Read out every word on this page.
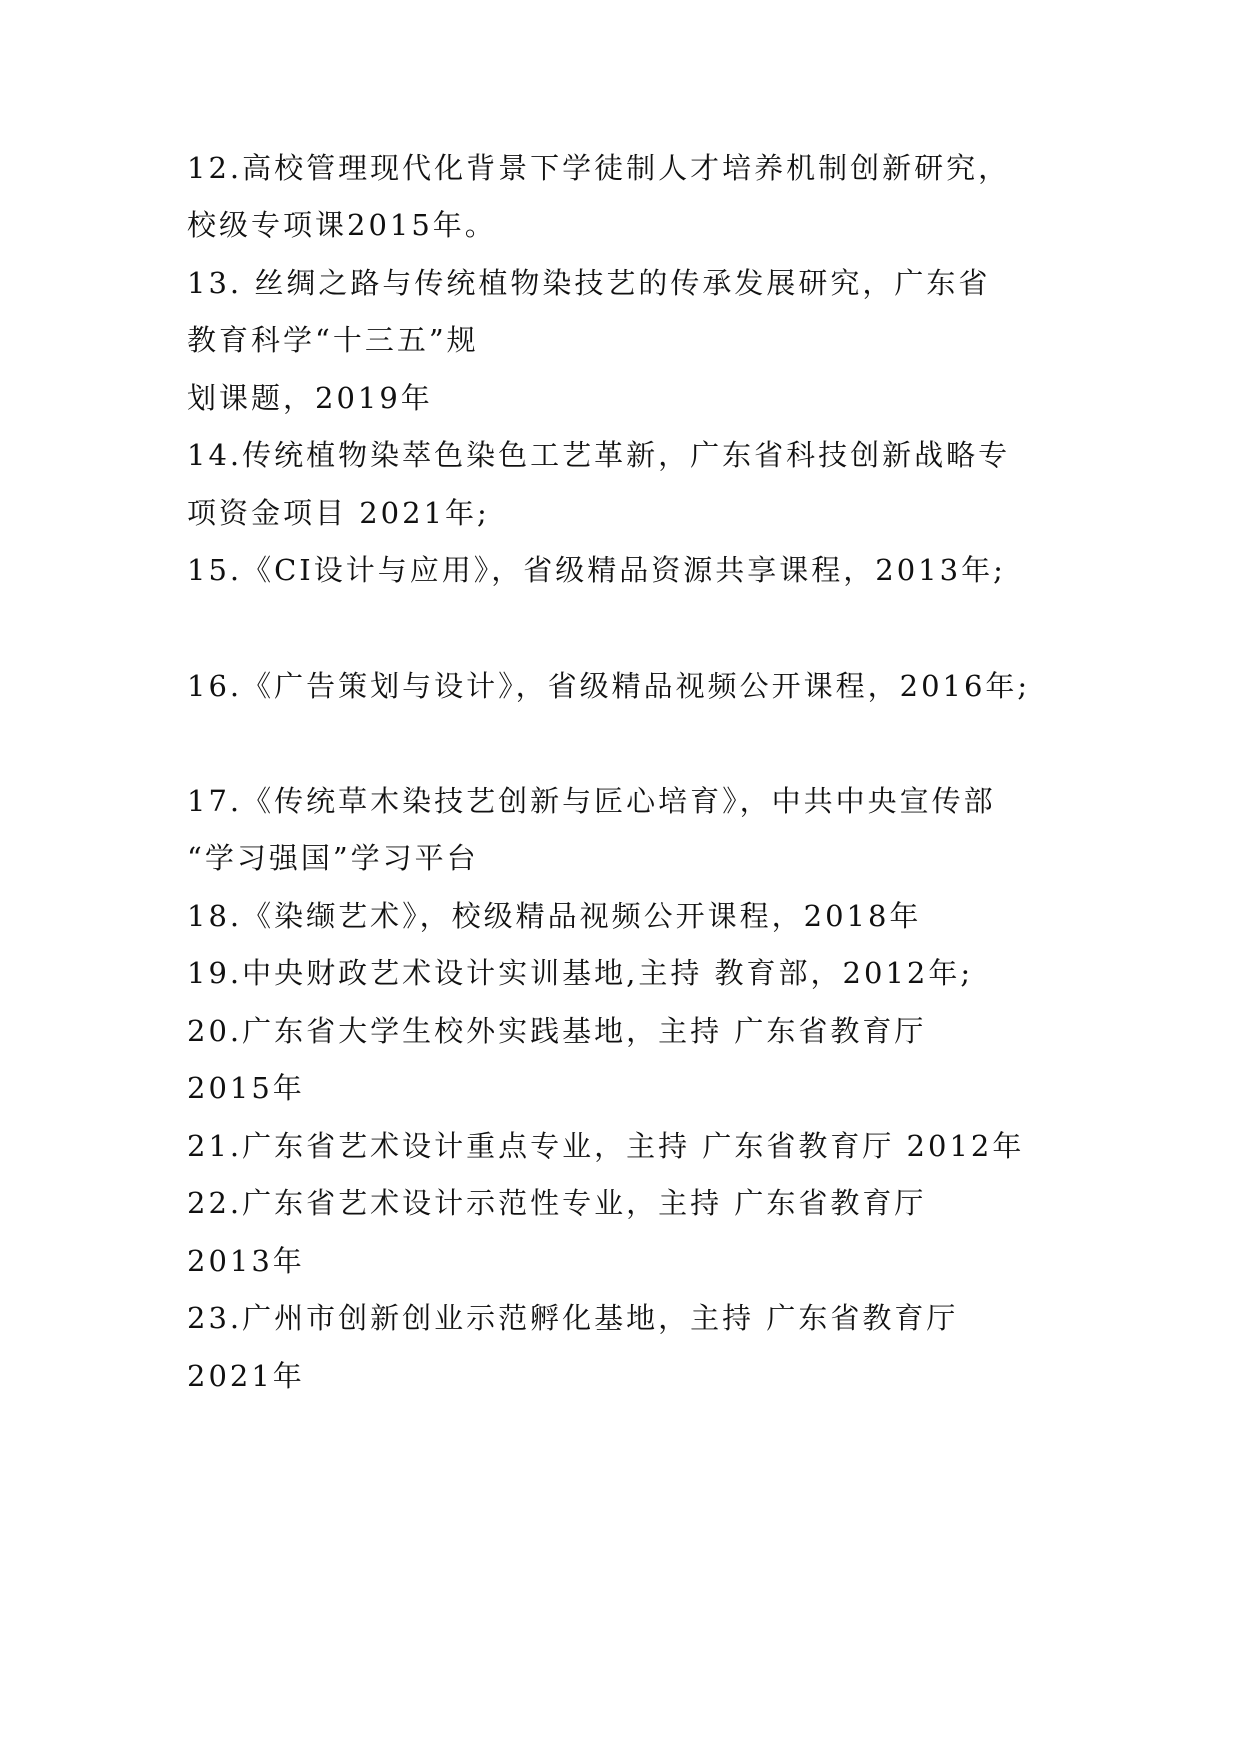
12.高校管理现代化背景下学徒制人才培养机制创新研究，
校级专项课2015年。
13. 丝绸之路与传统植物染技艺的传承发展研究，广东省
教育科学“十三五”规
划课题，2019年
14.传统植物染萃色染色工艺革新，广东省科技创新战略专
项资金项目 2021年;
15.《CI设计与应用》，省级精品资源共享课程，2013年;
16.《广告策划与设计》，省级精品视频公开课程，2016年;
17.《传统草木染技艺创新与匠心培育》，中共中央宣传部
“学习强国”学习平台
18.《染缬艺术》，校级精品视频公开课程，2018年
19.中央财政艺术设计实训基地,主持 教育部，2012年;
20.广东省大学生校外实践基地，主持 广东省教育厅
2015年
21.广东省艺术设计重点专业，主持 广东省教育厅 2012年
22.广东省艺术设计示范性专业，主持 广东省教育厅
2013年
23.广州市创新创业示范孵化基地，主持 广东省教育厅
2021年
